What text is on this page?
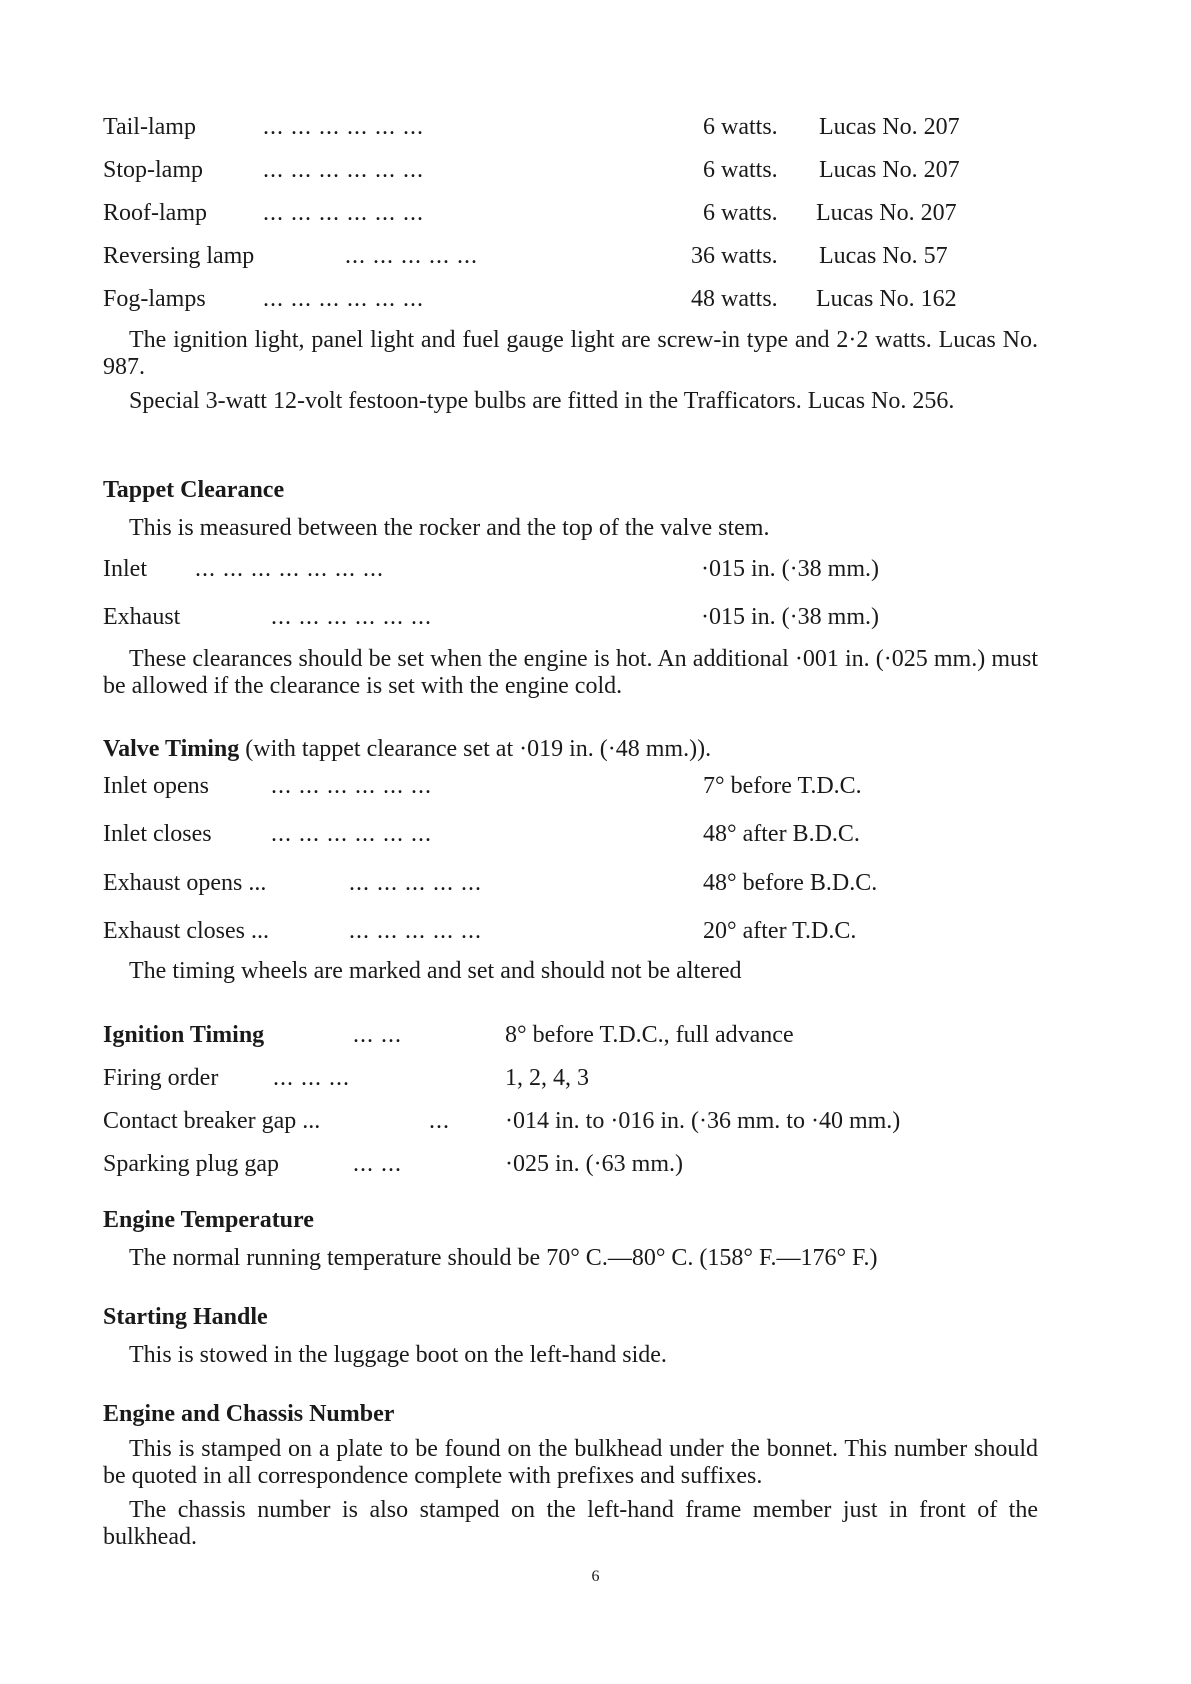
Tail-lamp	... ... ... ... ... ...	6 watts. Lucas No. 207
Stop-lamp	... ... ... ... ... ...	6 watts. Lucas No. 207
Roof-lamp ... ... ... ... ... ...	6 watts. Lucas No. 207
Reversing lamp	... ... ... ... ...	36 watts. Lucas No. 57
Fog-lamps ... ... ... ... ... ...	48 watts. Lucas No. 162

The ignition light, panel light and fuel gauge light are screw-in type and 2·2 watts. Lucas No. 987.

Special 3-watt 12-volt festoon-type bulbs are fitted in the Trafficators. Lucas No. 256.

Tappet Clearance
This is measured between the rocker and the top of the valve stem.
Inlet ... ... ... ... ... ... ...	·015 in. (·38 mm.)
Exhaust	... ... ... ... ... ...	·015 in. (·38 mm.)

These clearances should be set when the engine is hot. An additional ·001 in. (·025 mm.) must be allowed if the clearance is set with the engine cold.

Valve Timing (with tappet clearance set at ·019 in. (·48 mm.)).
Inlet opens	... ... ... ... ... ...	7° before T.D.C.
Inlet closes ... ... ... ... ... ...	48° after B.D.C.
Exhaust opens ...	... ... ... ... ...	48° before B.D.C.
Exhaust closes ...	... ... ... ... ...	20° after T.D.C.
The timing wheels are marked and set and should not be altered
Ignition Timing	... ...	8° before T.D.C., full advance
Firing order ... ... ...	1, 2, 4, 3
Contact breaker gap ...	... ·014 in. to ·016 in. (·36 mm. to ·40 mm.)
Sparking plug gap	... ...	·025 in. (·63 mm.)
Engine Temperature
The normal running temperature should be 70° C.—80° C. (158° F.—176° F.)
Starting Handle
This is stowed in the luggage boot on the left-hand side.
Engine and Chassis Number

This is stamped on a plate to be found on the bulkhead under the bonnet. This number should be quoted in all correspondence complete with prefixes and suffixes.

The chassis number is also stamped on the left-hand frame member just in front of the bulkhead.

6
